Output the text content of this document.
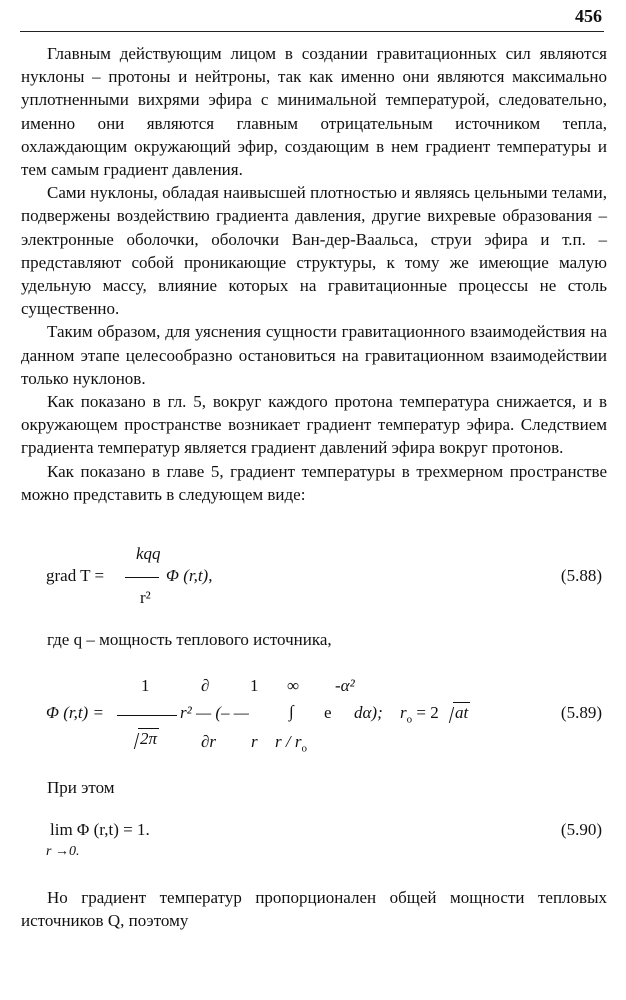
456

Главным действующим лицом в создании гравитационных сил являются нуклоны – протоны и нейтроны, так как именно они являются максимально уплотненными вихрями эфира с минимальной температурой, следовательно, именно они являются главным отрицательным источником тепла, охлаждающим окружающий эфир, создающим в нем градиент температуры и тем самым градиент давления.

Сами нуклоны, обладая наивысшей плотностью и являясь цельными телами, подвержены воздействию градиента давления, другие вихревые образования – электронные оболочки, оболочки Ван-дер-Ваальса, струи эфира и т.п. – представляют собой проникающие структуры, к тому же имеющие малую удельную массу, влияние которых на гравитационные процессы не столь существенно.

Таким образом, для уяснения сущности гравитационного взаимодействия на данном этапе целесообразно остановиться на гравитационном взаимодействии только нуклонов.

Как показано в гл. 5, вокруг каждого протона температура снижается, и в окружающем пространстве возникает градиент температур эфира. Следствием градиента температур является градиент давлений эфира вокруг протонов.

Как показано в главе 5, градиент температуры в трехмерном пространстве можно представить в следующем виде:

kqq
grad T =	Φ (r,t),
r²
(5.88)
где q – мощность теплового источника,
1	∂ 1 ∞ -α²
Φ (r,t) =	r² — (– — ∫ e dα); $r_o = 2$ at	(5.89)
2π	∂r r r / $r_o$
При этом
lim Φ (r,t) = 1.
r →0.
(5.90)

Но градиент температур пропорционален общей мощности тепловых источников Q, поэтому
